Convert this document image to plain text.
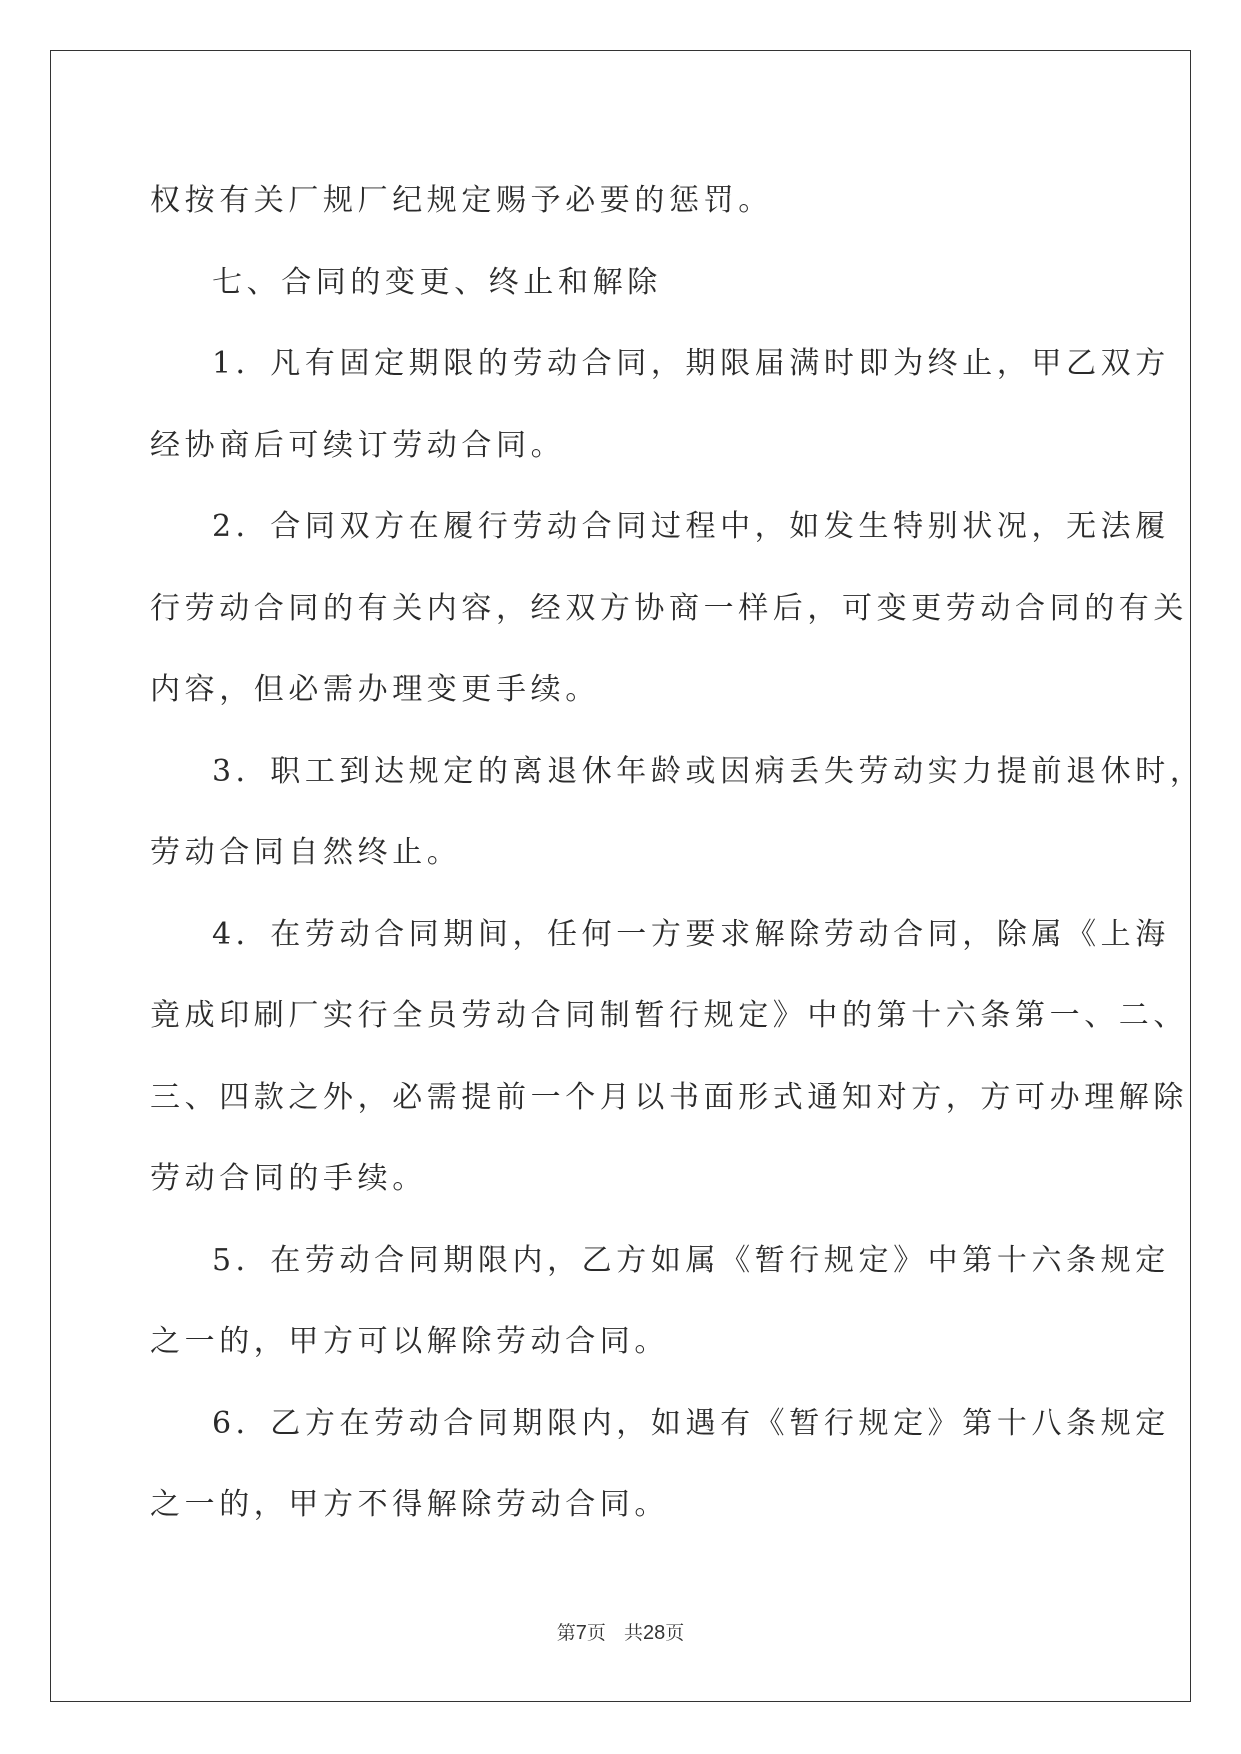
权按有关厂规厂纪规定赐予必要的惩罚。
七、合同的变更、终止和解除
1．凡有固定期限的劳动合同，期限届满时即为终止，甲乙双方
经协商后可续订劳动合同。
2．合同双方在履行劳动合同过程中，如发生特别状况，无法履
行劳动合同的有关内容，经双方协商一样后，可变更劳动合同的有关
内容，但必需办理变更手续。
3．职工到达规定的离退休年龄或因病丢失劳动实力提前退休时，
劳动合同自然终止。
4．在劳动合同期间，任何一方要求解除劳动合同，除属《上海
竟成印刷厂实行全员劳动合同制暂行规定》中的第十六条第一、二、
三、四款之外，必需提前一个月以书面形式通知对方，方可办理解除
劳动合同的手续。
5．在劳动合同期限内，乙方如属《暂行规定》中第十六条规定
之一的，甲方可以解除劳动合同。
6．乙方在劳动合同期限内，如遇有《暂行规定》第十八条规定
之一的，甲方不得解除劳动合同。
第7页 共28页
